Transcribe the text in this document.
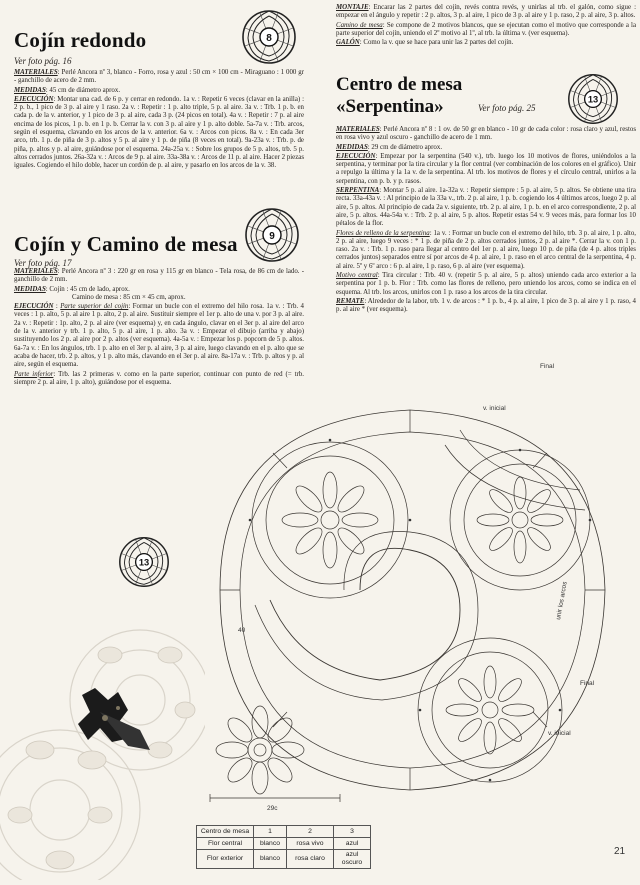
Cojín redondo	8
Ver foto pág. 16

MATERIALES: Perlé Ancora nº 3, blanco - Forro, rosa y azul : 50 cm × 100 cm - Miraguano : 1 000 gr - ganchillo de acero de 2 mm.

MEDIDAS: 45 cm de diámetro aprox.

EJECUCIÓN: Montar una cad. de 6 p. y cerrar en redondo. 1a v. : Repetir 6 veces (clavar en la anilla) : 2 p. b., 1 pico de 3 p. al aire y 1 raso. 2a v. : Repetir : 1 p. alto triple, 5 p. al aire. 3a v. : Trb. 1 p. b. en cada p. de la v. anterior, y 1 pico de 3 p. al aire, cada 3 p. (24 picos en total). 4a v. : Repetir : 7 p. al aire encima de los picos, 1 p. b. en 1 p. b. Cerrar la v. con 3 p. al aire y 1 p. alto doble. 5a-7a v. : Trb. arcos, según el esquema, clavando en los arcos de la v. anterior. 6a v. : Arcos con picos. 8a v. : En cada 3er arco, trb. 1 p. de piña de 3 p. altos y 5 p. al aire y 1 p. de piña (8 veces en total). 9a-23a v. : Trb. p. de piña, p. altos y p. al aire, guiándose por el esquema. 24a-25a v. : Sobre los grupos de 5 p. altos, trb. 5 p. altos cerrados juntos. 26a-32a v. : Arcos de 9 p. al aire. 33a-38a v. : Arcos de 11 p. al aire. Hacer 2 piezas iguales. Cogiendo el hilo doble, hacer un cordón de p. al aire, y pasarlo en los arcos de la v. 38.

Cojín y Camino de mesa	9
Ver foto pág. 17

MATERIALES: Perlé Ancora nº 3 : 220 gr en rosa y 115 gr en blanco - Tela rosa, de 86 cm de lado. - ganchillo de 2 mm.

MEDIDAS: Cojín : 45 cm de lado, aprox.
Camino de mesa : 85 cm × 45 cm, aprox.

EJECUCIÓN : Parte superior del cojín: Formar un bucle con el extremo del hilo rosa. 1a v. : Trb. 4 veces : 1 p. alto, 5 p. al aire 1 p. alto, 2 p. al aire. Sustituir siempre el 1er p. alto de una v. por 3 p. al aire. 2a v. : Repetir : 1p. alto, 2 p. al aire (ver esquema) y, en cada ángulo, clavar en el 3er p. al aire del arco de la v. anterior y trb. 1 p. alto, 5 p. al aire, 1 p. alto. 3a v. : Empezar el dibujo (arriba y abajo) sustituyendo los 2 p. al aire por 2 p. altos (ver esquema). 4a-5a v. : Empezar los p. popcorn de 5 p. altos. 6a-7a v. : En los ángulos, trb. 1 p. alto en el 3er p. al aire, 3 p. al aire, luego clavando en el p. alto que se acaba de hacer, trb. 2 p. altos, y 1 p. alto más, clavando en el 3er p. al aire. 8a-17a v. : Trb. p. altos y p. al aire, según el esquema.

Parte inferior: Trb. las 2 primeras v. como en la parte superior, continuar con punto de red (= trb. siempre 2 p. al aire, 1 p. alto), guiándose por el esquema.

13

MONTAJE: Encarar las 2 partes del cojín, revés contra revés, y unirlas al trb. el galón, como sigue : empezar en el ángulo y repetir : 2 p. altos, 3 p. al aire, 1 pico de 3 p. al aire y 1 p. raso, 2 p. al aire, 3 p. altos.

Camino de mesa: Se compone de 2 motivos blancos, que se ejecutan como el motivo que corresponde a la parte superior del cojín, uniendo el 2º motivo al 1º, al trb. la última v. (ver esquema).

GALÓN: Como la v. que se hace para unir las 2 partes del cojín.

Centro de mesa
«Serpentina»	Ver foto pág. 25
13

MATERIALES: Perlé Ancora nº 8 : 1 ov. de 50 gr en blanco - 10 gr de cada color : rosa claro y azul, restos en rosa vivo y azul oscuro - ganchillo de acero de 1 mm.

MEDIDAS: 29 cm de diámetro aprox.

EJECUCIÓN: Empezar por la serpentina (540 v.), trb. luego los 10 motivos de flores, uniéndolos a la serpentina, y terminar por la tira circular y la flor central (ver combinación de los colores en el gráfico). Unir a repulgo la última y la 1a v. de la serpentina. Al trb. los motivos de flores y el círculo central, unirlos a la serpentina, con p. b. y p. rasos.

SERPENTINA: Montar 5 p. al aire. 1a-32a v. : Repetir siempre : 5 p. al aire, 5 p. altos. Se obtiene una tira recta. 33a-43a v. : Al principio de la 33a v., trb. 2 p. al aire, 1 p. b. cogiendo los 4 últimos arcos, luego 2 p. al aire, 5 p. altos. Al principio de cada 2a v. siguiente, trb. 2 p. al aire, 1 p. b. en el arco correspondiente, 2 p. al aire, 5 p. altos. 44a-54a v. : Trb. 2 p. al aire, 5 p. altos. Repetir estas 54 v. 9 veces más, para formar los 10 pétalos de la flor.

Flores de relleno de la serpentina: 1a v. : Formar un bucle con el extremo del hilo, trb. 3 p. al aire, 1 p. alto, 2 p. al aire, luego 9 veces : * 1 p. de piña de 2 p. altos cerrados juntos, 2 p. al aire *. Cerrar la v. con 1 p. raso. 2a v. : Trb. 1 p. raso para llegar al centro del 1er p. al aire, luego 10 p. de piña (de 4 p. altos triples cerrados juntos) separados entre sí por arcos de 4 p. al aire, 1 p. raso en el arco central de la serpentina, 4 p. al aire. 5º y 6º arco : 6 p. al aire, 1 p. raso, 6 p. al aire (ver esquema).

Motivo central: Tira circular : Trb. 40 v. (repetir 5 p. al aire, 5 p. altos) uniendo cada arco exterior a la serpentina por 1 p. b. Flor : Trb. como las flores de relleno, pero uniendo los arcos, como se indica en el esquema. Al trb. los arcos, unirlos con 1 p. raso a los arcos de la tira circular.

REMATE: Alrededor de la labor, trb. 1 v. de arcos : * 1 p. b., 4 p. al aire, 1 pico de 3 p. al aire y 1 p. raso, 4 p. al aire * (ver esquema).

Final
v. inicial
unir los arcos
Final
v. inicial
29c
40
Centro de mesa	1	2	3
Flor central	blanco	rosa vivo	azul
Flor exterior	blanco	rosa claro	azul oscuro
21
